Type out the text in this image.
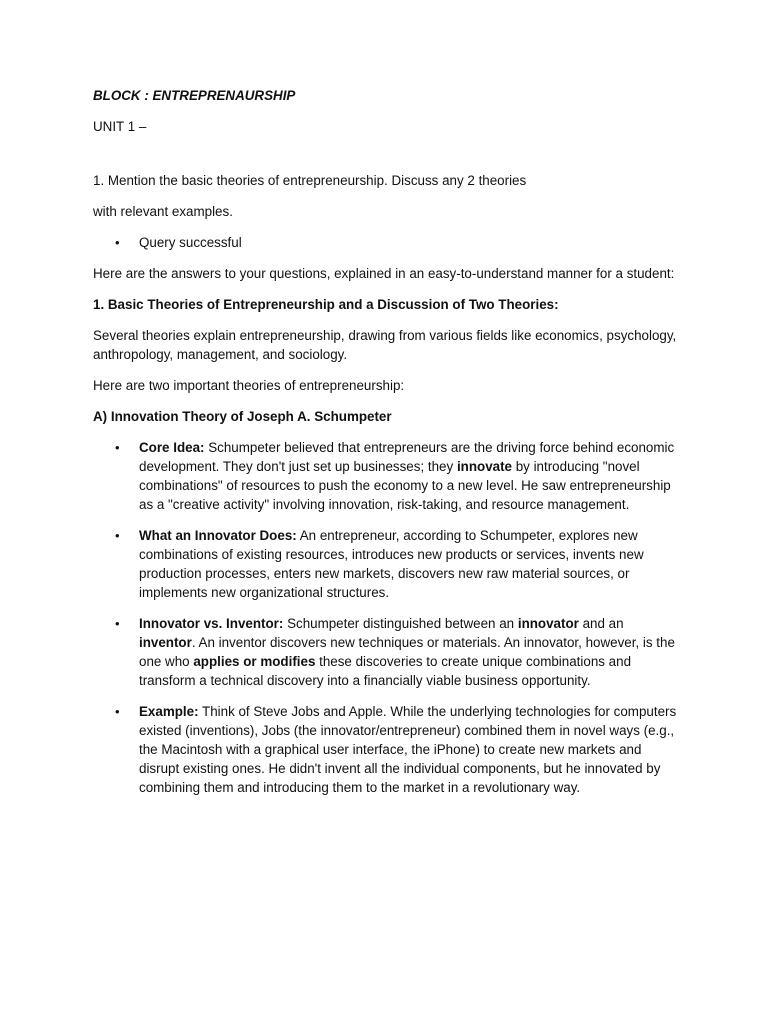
BLOCK : ENTREPRENAURSHIP

UNIT 1 –

1. Mention the basic theories of entrepreneurship. Discuss any 2 theories

with relevant examples.

• Query successful

Here are the answers to your questions, explained in an easy-to-understand manner for a student:

1. Basic Theories of Entrepreneurship and a Discussion of Two Theories:

Several theories explain entrepreneurship, drawing from various fields like economics, psychology, anthropology, management, and sociology.

Here are two important theories of entrepreneurship:

A) Innovation Theory of Joseph A. Schumpeter

• Core Idea: Schumpeter believed that entrepreneurs are the driving force behind economic development. They don't just set up businesses; they innovate by introducing "novel combinations" of resources to push the economy to a new level. He saw entrepreneurship as a "creative activity" involving innovation, risk-taking, and resource management.
• What an Innovator Does: An entrepreneur, according to Schumpeter, explores new combinations of existing resources, introduces new products or services, invents new production processes, enters new markets, discovers new raw material sources, or implements new organizational structures.
• Innovator vs. Inventor: Schumpeter distinguished between an innovator and an inventor. An inventor discovers new techniques or materials. An innovator, however, is the one who applies or modifies these discoveries to create unique combinations and transform a technical discovery into a financially viable business opportunity.
• Example: Think of Steve Jobs and Apple. While the underlying technologies for computers existed (inventions), Jobs (the innovator/entrepreneur) combined them in novel ways (e.g., the Macintosh with a graphical user interface, the iPhone) to create new markets and disrupt existing ones. He didn't invent all the individual components, but he innovated by combining them and introducing them to the market in a revolutionary way.
